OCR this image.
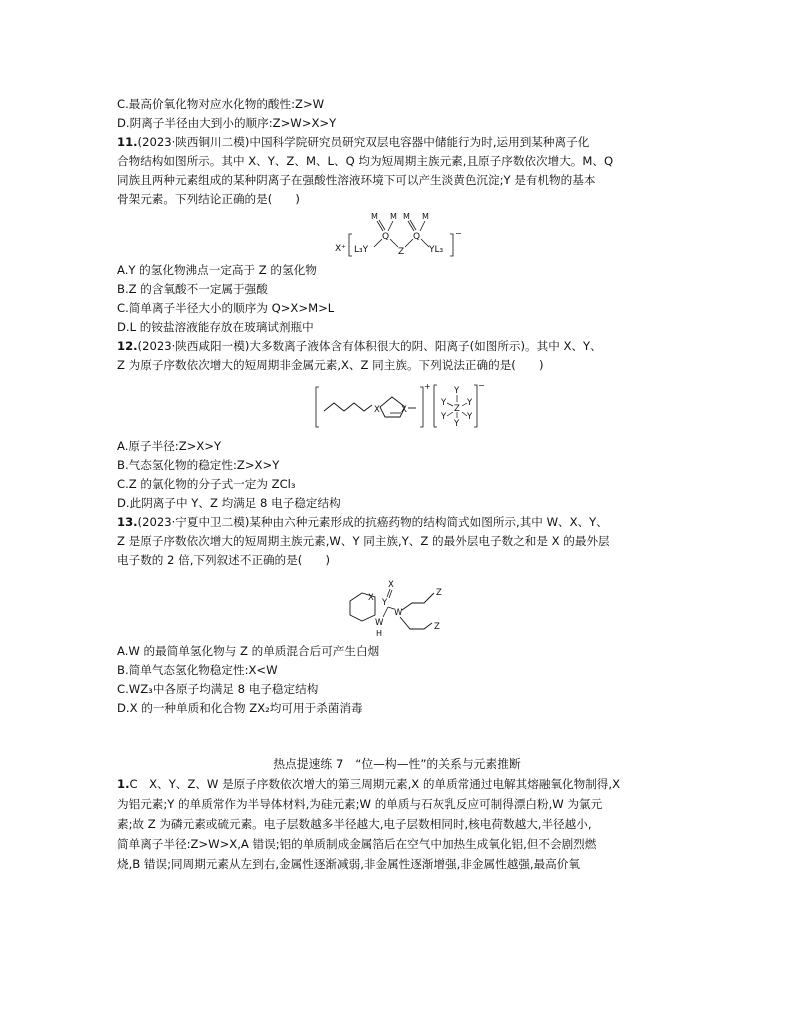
C.最高价氧化物对应水化物的酸性:Z>W
D.阴离子半径由大到小的顺序:Z>W>X>Y
11.(2023·陕西铜川二模)中国科学院研究员研究双层电容器中储能行为时,运用到某种离子化
合物结构如图所示。其中 X、Y、Z、M、L、Q 均为短周期主族元素,且原子序数依次增大。M、Q
同族且两种元素组成的某种阴离子在强酸性溶液环境下可以产生淡黄色沉淀;Y 是有机物的基本
骨架元素。下列结论正确的是(　　)
X⁺ L₃Y
Q
Z
Q
YL₃
−
M M M M
A.Y 的氢化物沸点一定高于 Z 的氢化物
B.Z 的含氧酸不一定属于强酸
C.简单离子半径大小的顺序为 Q>X>M>L
D.L 的铵盐溶液能存放在玻璃试剂瓶中
12.(2023·陕西咸阳一模)大多数离子液体含有体积很大的阴、阳离子(如图所示)。其中 X、Y、
Z 为原子序数依次增大的短周期非金属元素,X、Z 同主族。下列说法正确的是(　　)
X X
+
Z
Y
Y Y
Y Y
Y
−
A.原子半径:Z>X>Y
B.气态氢化物的稳定性:Z>X>Y
C.Z 的氯化物的分子式一定为 ZCl₃
D.此阴离子中 Y、Z 均满足 8 电子稳定结构
13.(2023·宁夏中卫二模)某种由六种元素形成的抗癌药物的结构简式如图所示,其中 W、X、Y、
Z 是原子序数依次增大的短周期主族元素,W、Y 同主族,Y、Z 的最外层电子数之和是 X 的最外层
电子数的 2 倍,下列叙述不正确的是(　　)
X
X
Y
W
W
H
Z
Z
A.W 的最简单氢化物与 Z 的单质混合后可产生白烟
B.简单气态氢化物稳定性:X<W
C.WZ₃中各原子均满足 8 电子稳定结构
D.X 的一种单质和化合物 ZX₂均可用于杀菌消毒
热点提速练 7　“位—构—性”的关系与元素推断
1.C　X、Y、Z、W 是原子序数依次增大的第三周期元素,X 的单质常通过电解其熔融氧化物制得,X
为铝元素;Y 的单质常作为半导体材料,为硅元素;W 的单质与石灰乳反应可制得漂白粉,W 为氯元
素;故 Z 为磷元素或硫元素。电子层数越多半径越大,电子层数相同时,核电荷数越大,半径越小,
简单离子半径:Z>W>X,A 错误;铝的单质制成金属箔后在空气中加热生成氧化铝,但不会剧烈燃
烧,B 错误;同周期元素从左到右,金属性逐渐减弱,非金属性逐渐增强,非金属性越强,最高价氧
